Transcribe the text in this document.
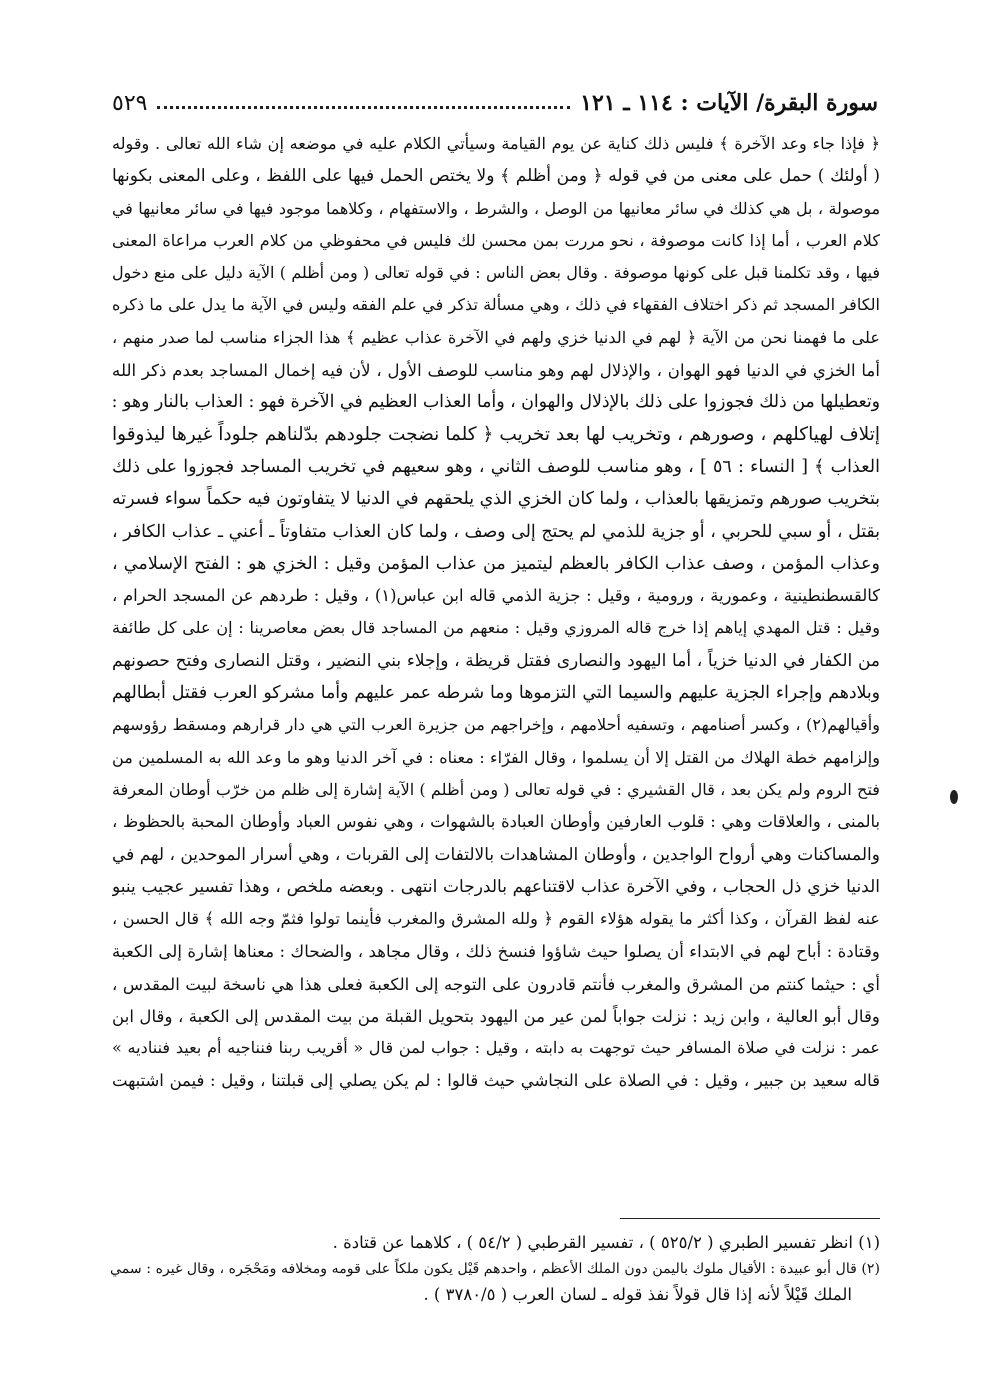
سورة البقرة/ الآيات : ١١٤ ـ ١٢١
٥٢٩
﴿ فإذا جاء وعد الآخرة ﴾ فليس ذلك كناية عن يوم القيامة وسيأتي الكلام عليه في موضعه إن شاء الله تعالى . وقوله
( أولئك ) حمل على معنى من في قوله ﴿ ومن أظلم ﴾ ولا يختص الحمل فيها على اللفظ ، وعلى المعنى بكونها
موصولة ، بل هي كذلك في سائر معانيها من الوصل ، والشرط ، والاستفهام ، وكلاهما موجود فيها في سائر معانيها في
كلام العرب ، أما إذا كانت موصوفة ، نحو مررت بمن محسن لك فليس في محفوظي من كلام العرب مراعاة المعنى
فيها ، وقد تكلمنا قبل على كونها موصوفة . وقال بعض الناس : في قوله تعالى ( ومن أظلم ) الآية دليل على منع دخول
الكافر المسجد ثم ذكر اختلاف الفقهاء في ذلك ، وهي مسألة تذكر في علم الفقه وليس في الآية ما يدل على ما ذكره
على ما فهمنا نحن من الآية ﴿ لهم في الدنيا خزي ولهم في الآخرة عذاب عظيم ﴾ هذا الجزاء مناسب لما صدر منهم ،
أما الخزي في الدنيا فهو الهوان ، والإذلال لهم وهو مناسب للوصف الأول ، لأن فيه إخمال المساجد بعدم ذكر الله
وتعطيلها من ذلك فجوزوا على ذلك بالإذلال والهوان ، وأما العذاب العظيم في الآخرة فهو : العذاب بالنار وهو :
إتلاف لهياكلهم ، وصورهم ، وتخريب لها بعد تخريب ﴿ كلما نضجت جلودهم بدّلناهم جلوداً غيرها ليذوقوا
العذاب ﴾ [ النساء : ٥٦ ] ، وهو مناسب للوصف الثاني ، وهو سعيهم في تخريب المساجد فجوزوا على ذلك
بتخريب صورهم وتمزيقها بالعذاب ، ولما كان الخزي الذي يلحقهم في الدنيا لا يتفاوتون فيه حكماً سواء فسرته
بقتل ، أو سبي للحربي ، أو جزية للذمي لم يحتج إلى وصف ، ولما كان العذاب متفاوتاً ـ أعني ـ عذاب الكافر ،
وعذاب المؤمن ، وصف عذاب الكافر بالعظم ليتميز من عذاب المؤمن وقيل : الخزي هو : الفتح الإسلامي ،
كالقسطنطينية ، وعمورية ، ورومية ، وقيل : جزية الذمي قاله ابن عباس(١) ، وقيل : طردهم عن المسجد الحرام ،
وقيل : قتل المهدي إياهم إذا خرج قاله المروزي وقيل : منعهم من المساجد قال بعض معاصرينا : إن على كل طائفة
من الكفار في الدنيا خزياً ، أما اليهود والنصارى فقتل قريظة ، وإجلاء بني النضير ، وقتل النصارى وفتح حصونهم
وبلادهم وإجراء الجزية عليهم والسيما التي التزموها وما شرطه عمر عليهم وأما مشركو العرب فقتل أبطالهم
وأقيالهم(٢) ، وكسر أصنامهم ، وتسفيه أحلامهم ، وإخراجهم من جزيرة العرب التي هي دار قرارهم ومسقط رؤوسهم
وإلزامهم خطة الهلاك من القتل إلا أن يسلموا ، وقال الفرّاء : معناه : في آخر الدنيا وهو ما وعد الله به المسلمين من
فتح الروم ولم يكن بعد ، قال القشيري : في قوله تعالى ( ومن أظلم ) الآية إشارة إلى ظلم من خرّب أوطان المعرفة
بالمنى ، والعلاقات وهي : قلوب العارفين وأوطان العبادة بالشهوات ، وهي نفوس العباد وأوطان المحبة بالحظوظ ،
والمساكنات وهي أرواح الواجدين ، وأوطان المشاهدات بالالتفات إلى القربات ، وهي أسرار الموحدين ، لهم في
الدنيا خزي ذل الحجاب ، وفي الآخرة عذاب لاقتناعهم بالدرجات انتهى . وبعضه ملخص ، وهذا تفسير عجيب ينبو
عنه لفظ القرآن ، وكذا أكثر ما يقوله هؤلاء القوم ﴿ ولله المشرق والمغرب فأينما تولوا فثمّ وجه الله ﴾ قال الحسن ،
وقتادة : أباح لهم في الابتداء أن يصلوا حيث شاؤوا فنسخ ذلك ، وقال مجاهد ، والضحاك : معناها إشارة إلى الكعبة
أي : حيثما كنتم من المشرق والمغرب فأنتم قادرون على التوجه إلى الكعبة فعلى هذا هي ناسخة لبيت المقدس ،
وقال أبو العالية ، وابن زيد : نزلت جواباً لمن عير من اليهود بتحويل القبلة من بيت المقدس إلى الكعبة ، وقال ابن
عمر : نزلت في صلاة المسافر حيث توجهت به دابته ، وقيل : جواب لمن قال « أقريب ربنا فنناجيه أم بعيد فنناديه »
قاله سعيد بن جبير ، وقيل : في الصلاة على النجاشي حيث قالوا : لم يكن يصلي إلى قبلتنا ، وقيل : فيمن اشتبهت
(١) انظر تفسير الطبري ( ٥٢٥/٢ ) ، تفسير القرطبي ( ٥٤/٢ ) ، كلاهما عن قتادة .
(٢) قال أبو عبيدة : الأقيال ملوك باليمن دون الملك الأعظم ، واحدهم قَيْل يكون ملكاً على قومه ومخلافه ومَحْجَره ، وقال غيره : سمي
الملك قَيْلاً لأنه إذا قال قولاً نفذ قوله ـ لسان العرب ( ٣٧٨٠/٥ ) .
